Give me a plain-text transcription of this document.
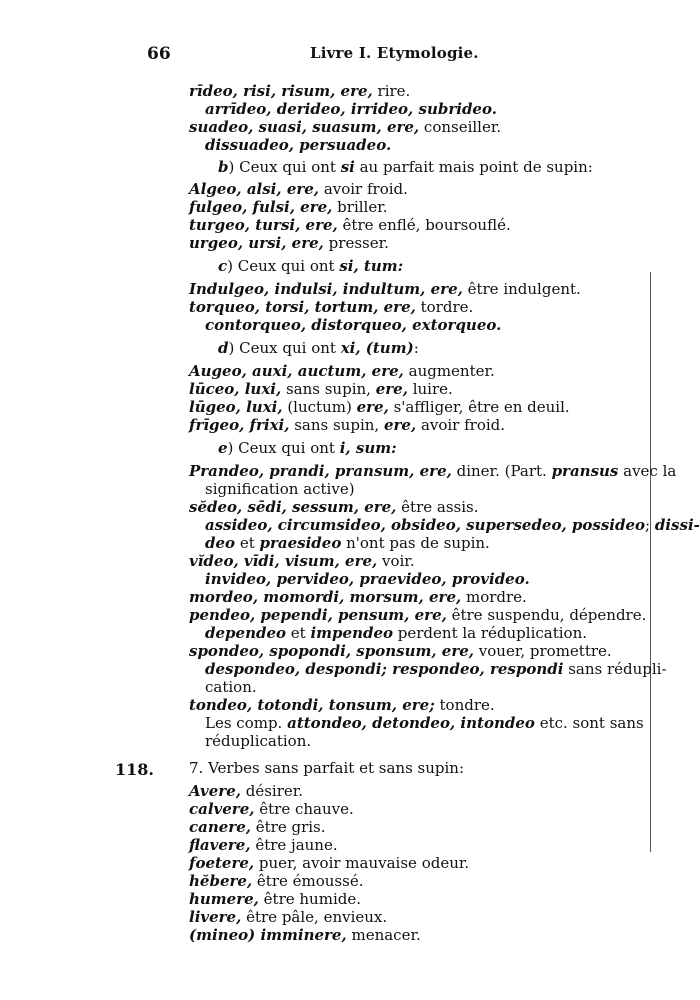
66	Livre I. Etymologie.
118.
rīdeo, risi, risum, ere, rire.
arrīdeo, derideo, irrideo, subrideo.
suadeo, suasi, suasum, ere, conseiller.
dissuadeo, persuadeo.
b) Ceux qui ont si au parfait mais point de supin:
Algeo, alsi, ere, avoir froid.
fulgeo, fulsi, ere, briller.
turgeo, tursi, ere, être enflé, boursouflé.
urgeo, ursi, ere, presser.
c) Ceux qui ont si, tum:
Indulgeo, indulsi, indultum, ere, être indulgent.
torqueo, torsi, tortum, ere, tordre.
contorqueo, distorqueo, extorqueo.
d) Ceux qui ont xi, (tum):
Augeo, auxi, auctum, ere, augmenter.
lūceo, luxi, sans supin, ere, luire.
lūgeo, luxi, (luctum) ere, s'affliger, être en deuil.
frīgeo, frixi, sans supin, ere, avoir froid.
e) Ceux qui ont i, sum:
Prandeo, prandi, pransum, ere, diner. (Part. pransus avec la
signification active)
sĕdeo, sēdi, sessum, ere, être assis.
assideo, circumsideo, obsideo, supersedeo, possideo; dissi-
deo et praesideo n'ont pas de supin.
vĭdeo, vīdi, visum, ere, voir.
invideo, pervideo, praevideo, provideo.
mordeo, momordi, morsum, ere, mordre.
pendeo, pependi, pensum, ere, être suspendu, dépendre.
dependeo et impendeo perdent la réduplication.
spondeo, spopondi, sponsum, ere, vouer, promettre.
despondeo, despondi; respondeo, respondi sans rédupli-
cation.
tondeo, totondi, tonsum, ere; tondre.
Les comp. attondeo, detondeo, intondeo etc. sont sans
réduplication.
7. Verbes sans parfait et sans supin:
Avere, désirer.
calvere, être chauve.
canere, être gris.
flavere, être jaune.
foetere, puer, avoir mauvaise odeur.
hĕbere, être émoussé.
humere, être humide.
livere, être pâle, envieux.
(mineo) imminere, menacer.
